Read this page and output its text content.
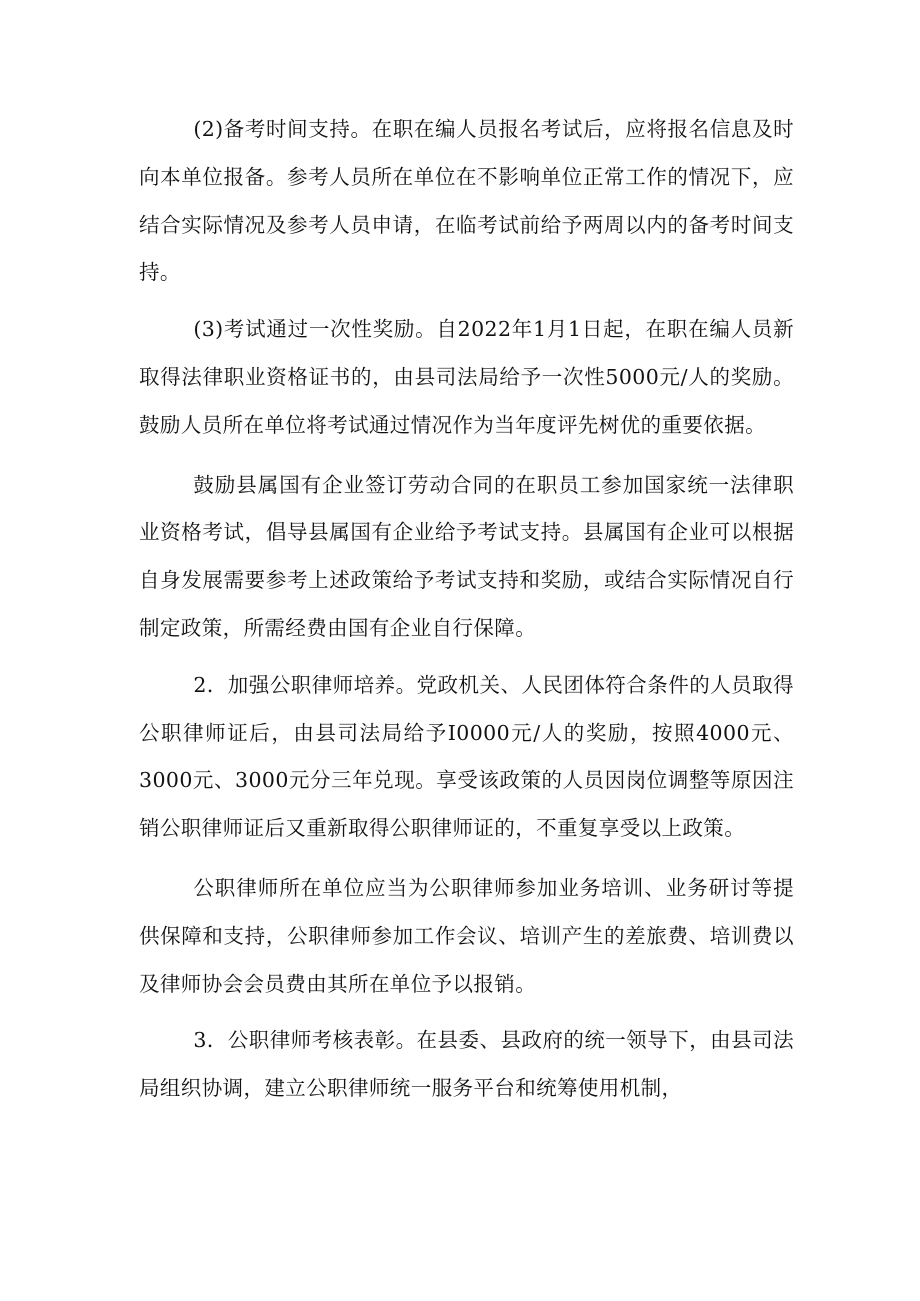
(2)备考时间支持。在职在编人员报名考试后，应将报名信息及时向本单位报备。参考人员所在单位在不影响单位正常工作的情况下，应结合实际情况及参考人员申请，在临考试前给予两周以内的备考时间支持。

(3)考试通过一次性奖励。自2022年1月1日起，在职在编人员新取得法律职业资格证书的，由县司法局给予一次性5000元/人的奖励。鼓励人员所在单位将考试通过情况作为当年度评先树优的重要依据。

鼓励县属国有企业签订劳动合同的在职员工参加国家统一法律职业资格考试，倡导县属国有企业给予考试支持。县属国有企业可以根据自身发展需要参考上述政策给予考试支持和奖励，或结合实际情况自行制定政策，所需经费由国有企业自行保障。

2．加强公职律师培养。党政机关、人民团体符合条件的人员取得公职律师证后，由县司法局给予I0000元/人的奖励，按照4000元、3000元、3000元分三年兑现。享受该政策的人员因岗位调整等原因注销公职律师证后又重新取得公职律师证的，不重复享受以上政策。

公职律师所在单位应当为公职律师参加业务培训、业务研讨等提供保障和支持，公职律师参加工作会议、培训产生的差旅费、培训费以及律师协会会员费由其所在单位予以报销。

3．公职律师考核表彰。在县委、县政府的统一领导下，由县司法局组织协调，建立公职律师统一服务平台和统筹使用机制，
